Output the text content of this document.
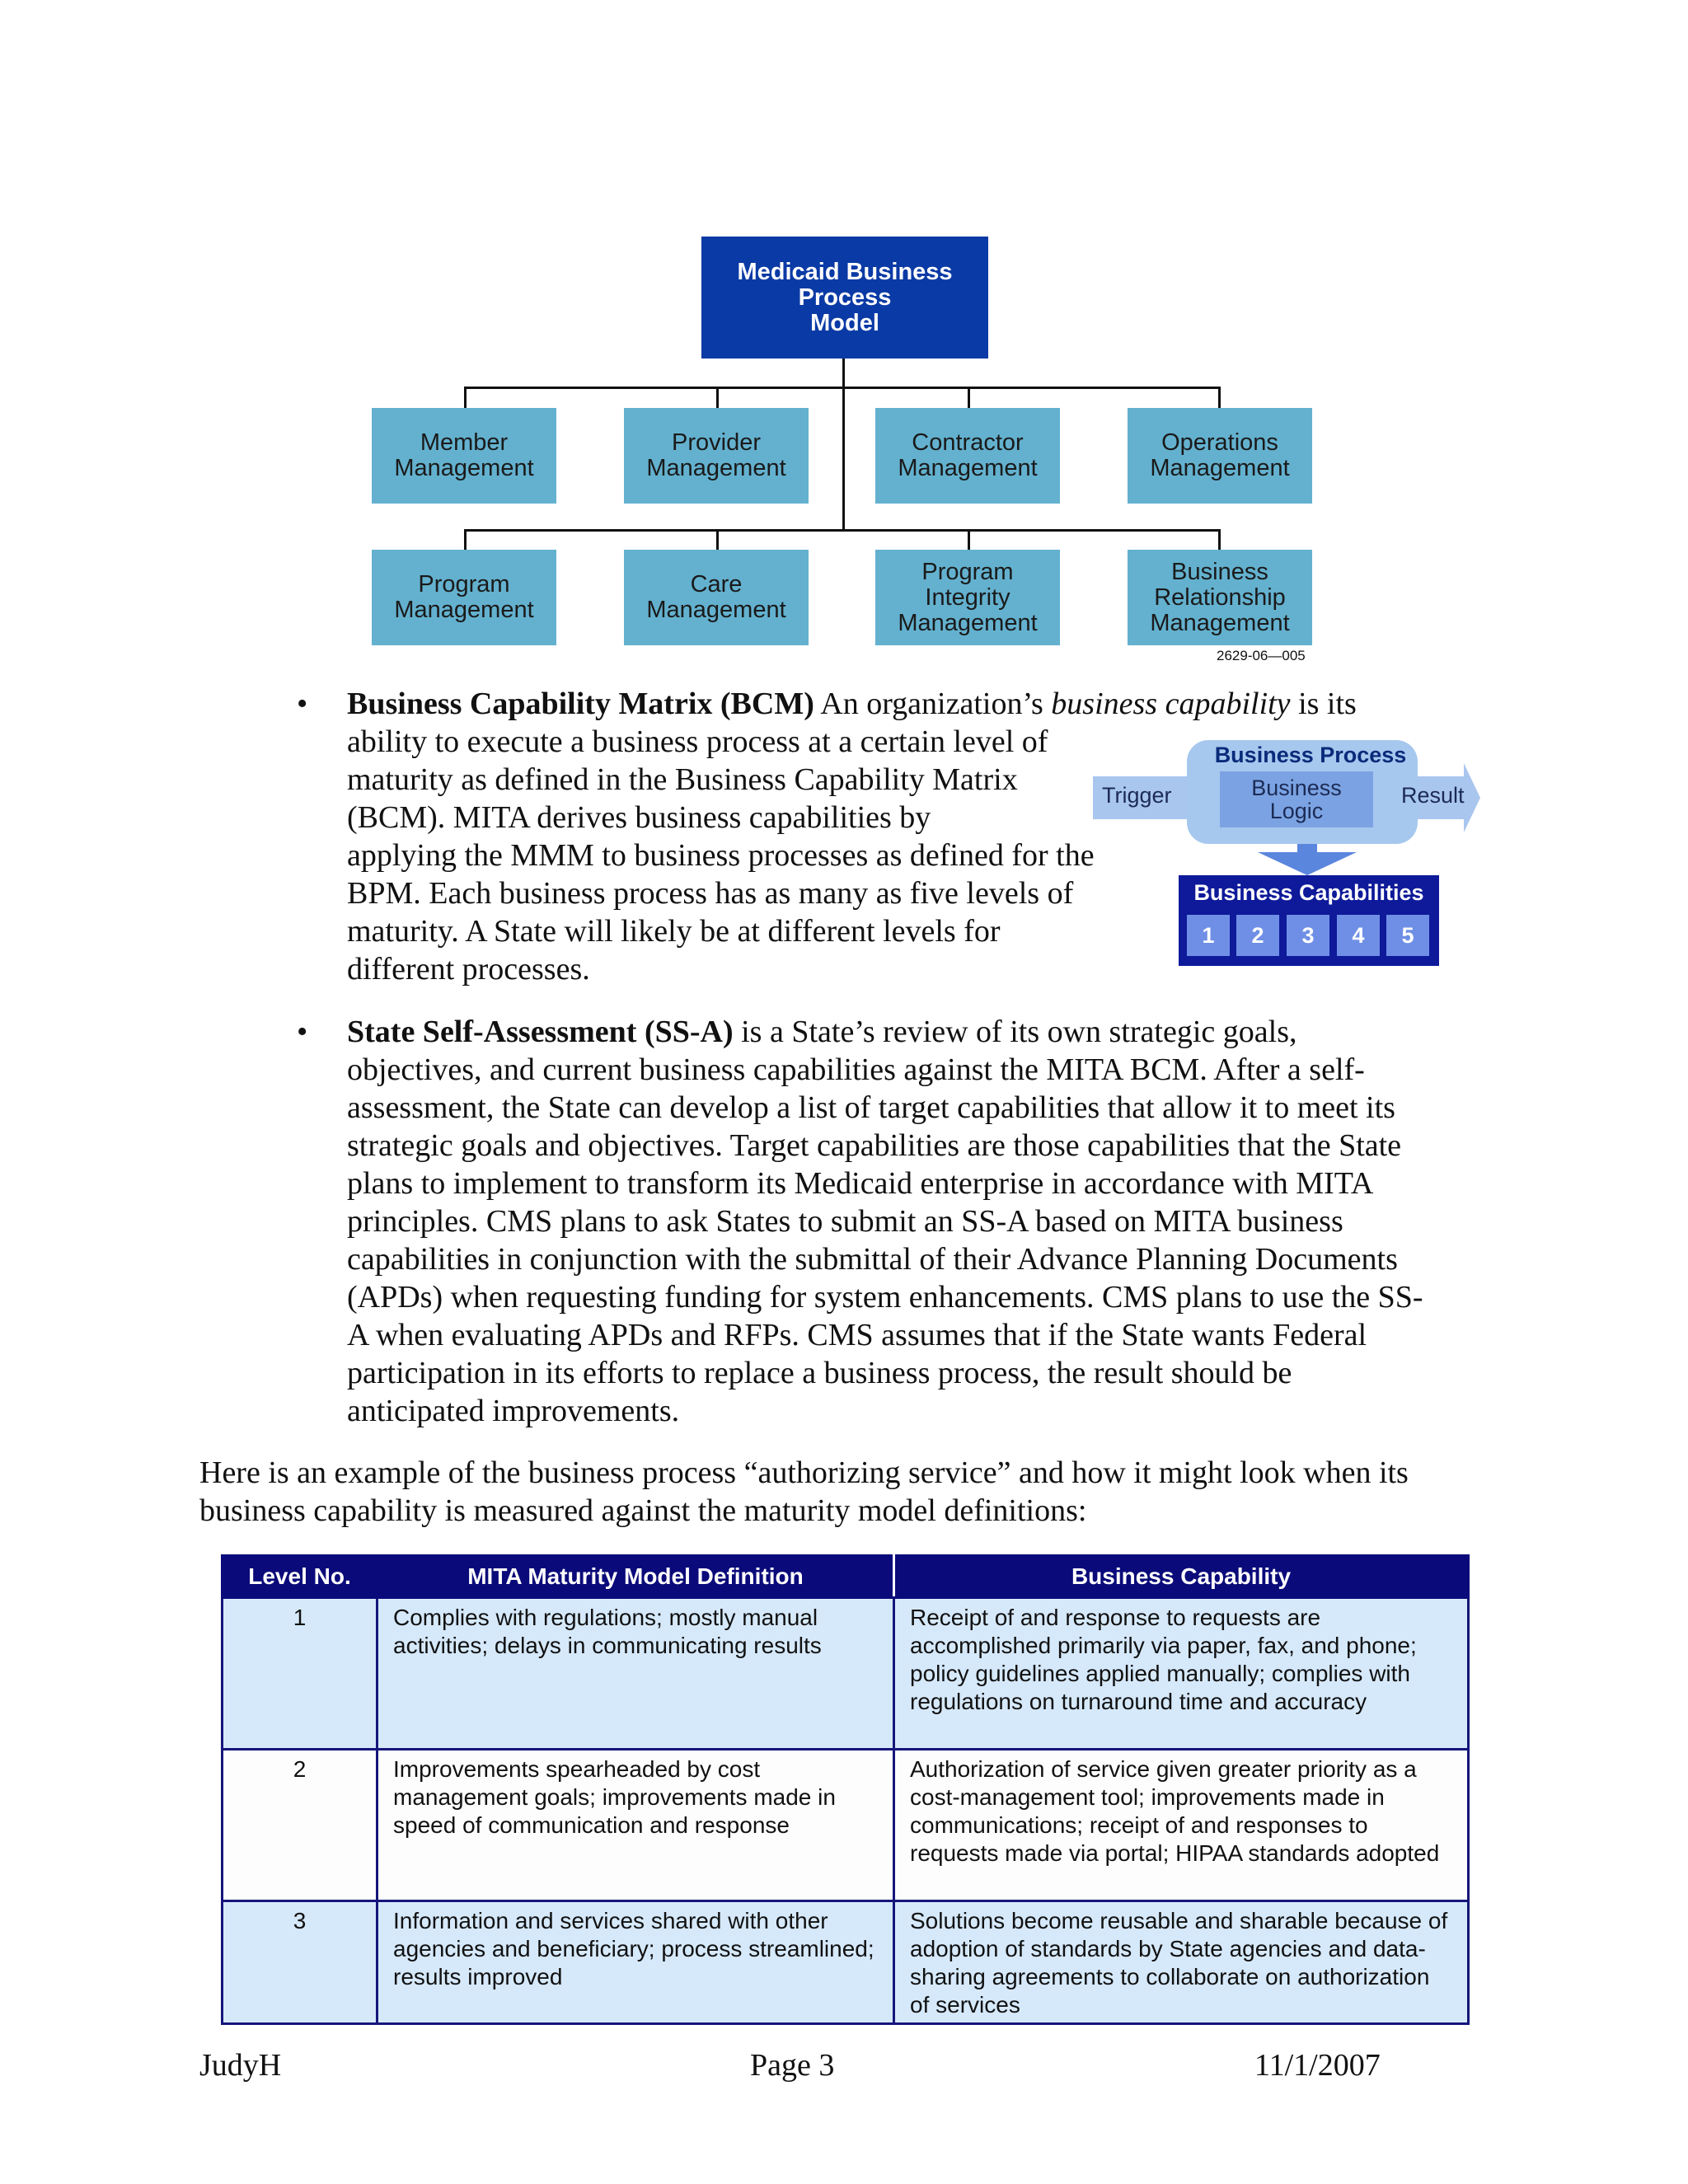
Medicaid Business
Process
Model
Member
Management
Provider
Management
Contractor
Management
Operations
Management
Program
Management
Care
Management
Program
Integrity
Management
Business
Relationship
Management
2629-06—005
• Business Capability Matrix (BCM) An organization’s business capability is its

ability to execute a business process at a certain level of

maturity as defined in the Business Capability Matrix

(BCM). MITA derives business capabilities by

applying the MMM to business processes as defined for the

BPM. Each business process has as many as five levels of

maturity. A State will likely be at different levels for

different processes.

Business Process
Business
Logic
Trigger	Result
Business Capabilities
1	2	3	4	5
• State Self-Assessment (SS-A) is a State’s review of its own strategic goals,

objectives, and current business capabilities against the MITA BCM. After a self-

assessment, the State can develop a list of target capabilities that allow it to meet its

strategic goals and objectives. Target capabilities are those capabilities that the State

plans to implement to transform its Medicaid enterprise in accordance with MITA

principles. CMS plans to ask States to submit an SS-A based on MITA business

capabilities in conjunction with the submittal of their Advance Planning Documents

(APDs) when requesting funding for system enhancements. CMS plans to use the SS-

A when evaluating APDs and RFPs. CMS assumes that if the State wants Federal

participation in its efforts to replace a business process, the result should be

anticipated improvements.

Here is an example of the business process “authorizing service” and how it might look when its

business capability is measured against the maturity model definitions:

Level No.	MITA Maturity Model Definition	Business Capability
1	Complies with regulations; mostly manual activities; delays in communicating results	Receipt of and response to requests are accomplished primarily via paper, fax, and phone; policy guidelines applied manually; complies with regulations on turnaround time and accuracy
2	Improvements spearheaded by cost management goals; improvements made in speed of communication and response	Authorization of service given greater priority as a cost-management tool; improvements made in communications; receipt of and responses to requests made via portal; HIPAA standards adopted
3	Information and services shared with other agencies and beneficiary; process streamlined; results improved	Solutions become reusable and sharable because of adoption of standards by State agencies and data-sharing agreements to collaborate on authorization of services
JudyH	Page 3	11/1/2007
